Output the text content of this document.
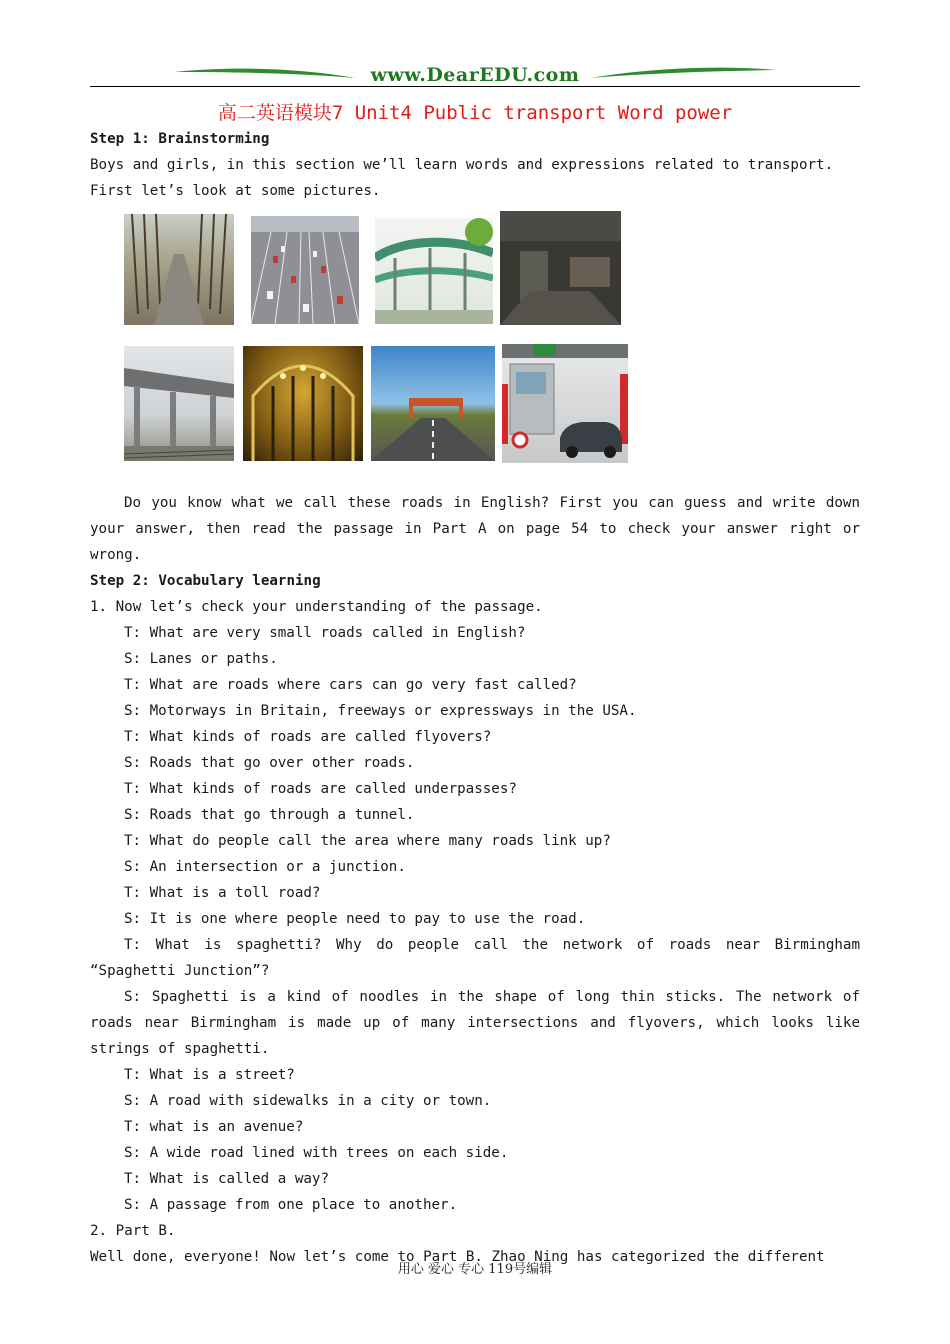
www.DearEDU.com
高二英语模块7 Unit4 Public transport Word power

Step 1: Brainstorming

Boys and girls, in this section we’ll learn words and expressions related to transport.

First let’s look at some pictures.

Do you know what we call these roads in English? First you can guess and write down your answer, then read the passage in Part A on page 54 to check your answer right or wrong.

Step 2: Vocabulary learning

1. Now let’s check your understanding of the passage.

T: What are very small roads called in English?

S: Lanes or paths.

T: What are roads where cars can go very fast called?

S: Motorways in Britain, freeways or expressways in the USA.

T: What kinds of roads are called flyovers?

S: Roads that go over other roads.

T: What kinds of roads are called underpasses?

S: Roads that go through a tunnel.

T: What do people call the area where many roads link up?

S: An intersection or a junction.

T: What is a toll road?

S: It is one where people need to pay to use the road.

T: What is spaghetti? Why do people call the network of roads near Birmingham “Spaghetti Junction”?

S: Spaghetti is a kind of noodles in the shape of long thin sticks. The network of roads near Birmingham is made up of many intersections and flyovers, which looks like strings of spaghetti.

T: What is a street?

S: A road with sidewalks in a city or town.

T: what is an avenue?

S: A wide road lined with trees on each side.

T: What is called a way?

S: A passage from one place to another.

2. Part B.

Well done, everyone! Now let’s come to Part B. Zhao Ning has categorized the different

用心 爱心 专心 119号编辑
